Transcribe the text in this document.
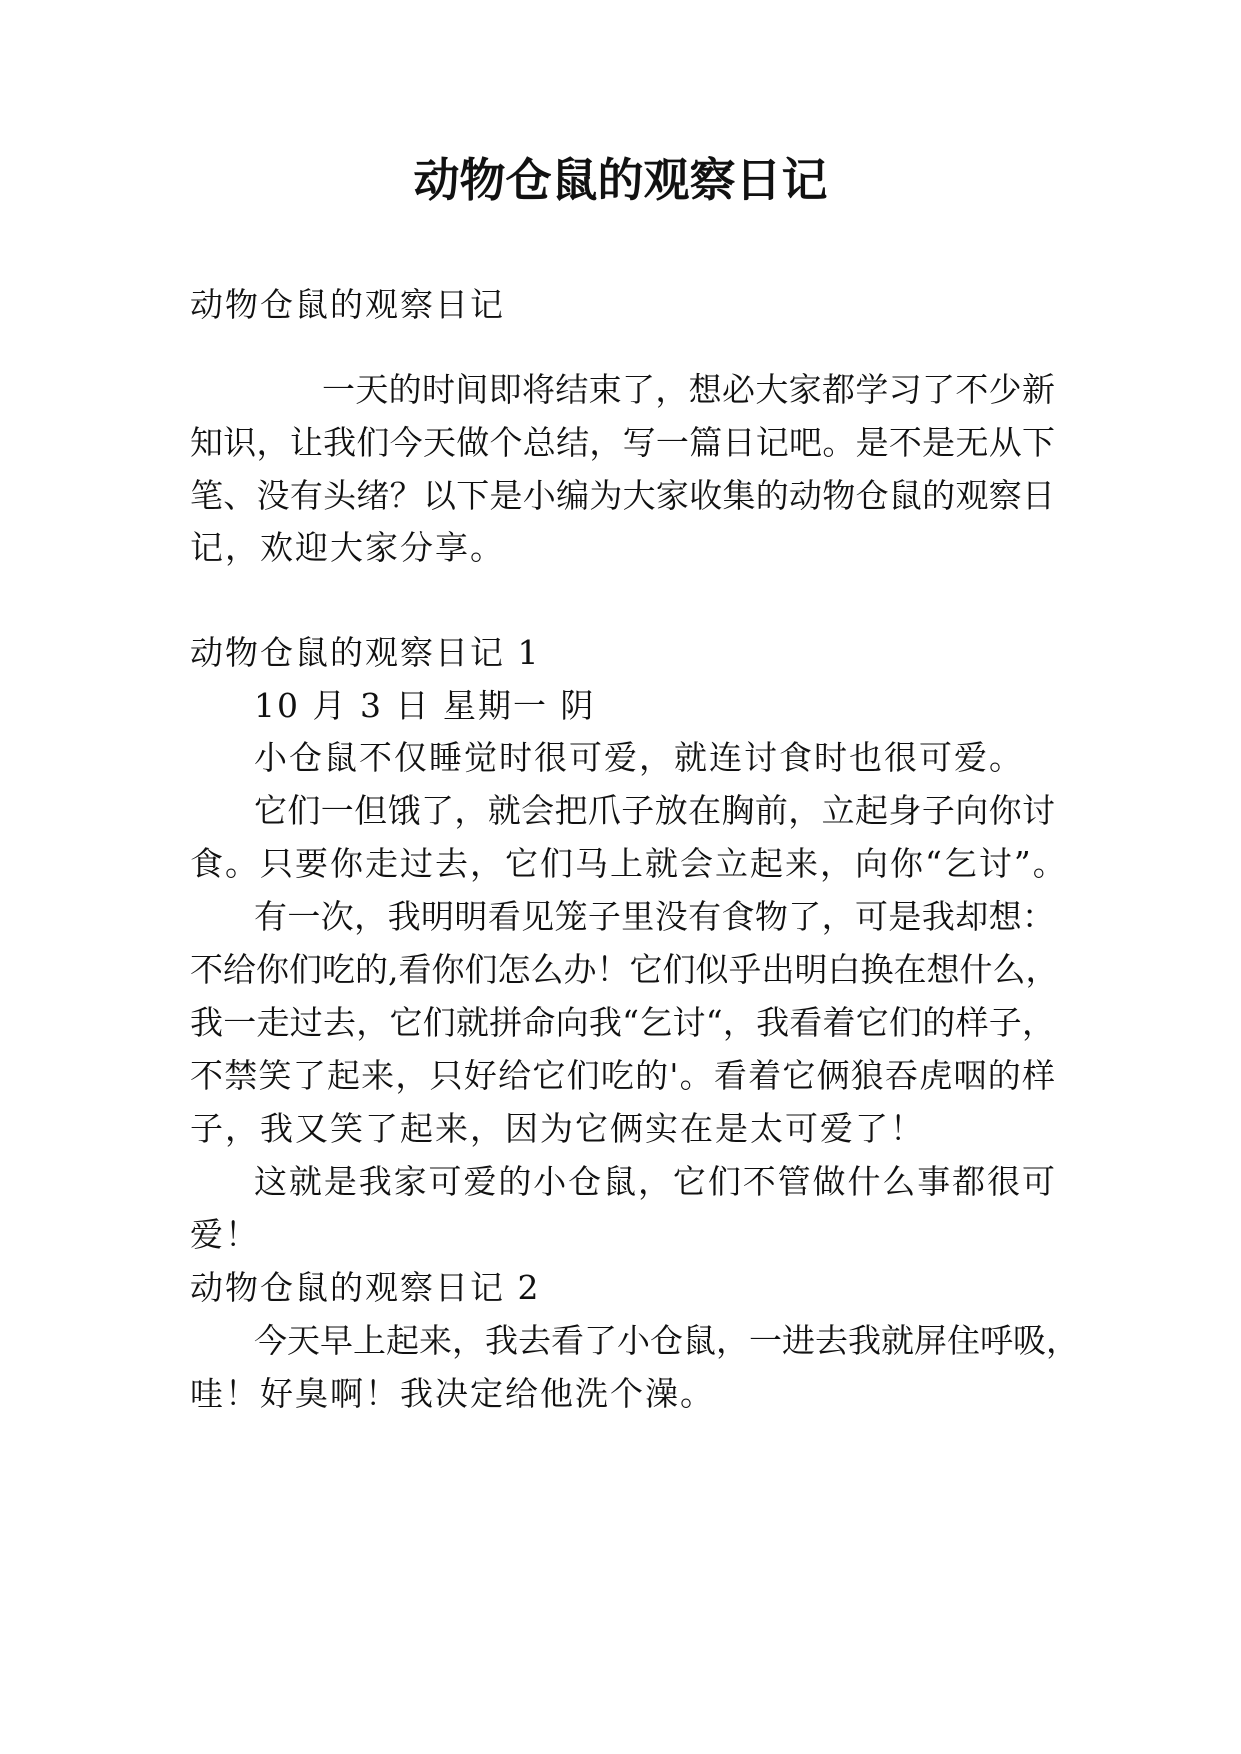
动物仓鼠的观察日记
动物仓鼠的观察日记
一天的时间即将结束了，想必大家都学习了不少新
知识，让我们今天做个总结，写一篇日记吧。是不是无从下
笔、没有头绪？以下是小编为大家收集的动物仓鼠的观察日
记，欢迎大家分享。
动物仓鼠的观察日记 1
10 月 3 日 星期一 阴
小仓鼠不仅睡觉时很可爱，就连讨食时也很可爱。
它们一但饿了，就会把爪子放在胸前，立起身子向你讨
食。只要你走过去，它们马上就会立起来，向你“乞讨”。
有一次，我明明看见笼子里没有食物了，可是我却想：
不给你们吃的,看你们怎么办！它们似乎出明白换在想什么，
我一走过去，它们就拼命向我“乞讨“，我看着它们的样子，
不禁笑了起来，只好给它们吃的'。看着它俩狼吞虎咽的样
子，我又笑了起来，因为它俩实在是太可爱了！
这就是我家可爱的小仓鼠，它们不管做什么事都很可
爱！
动物仓鼠的观察日记 2
今天早上起来，我去看了小仓鼠，一进去我就屏住呼吸，
哇！好臭啊！我决定给他洗个澡。
